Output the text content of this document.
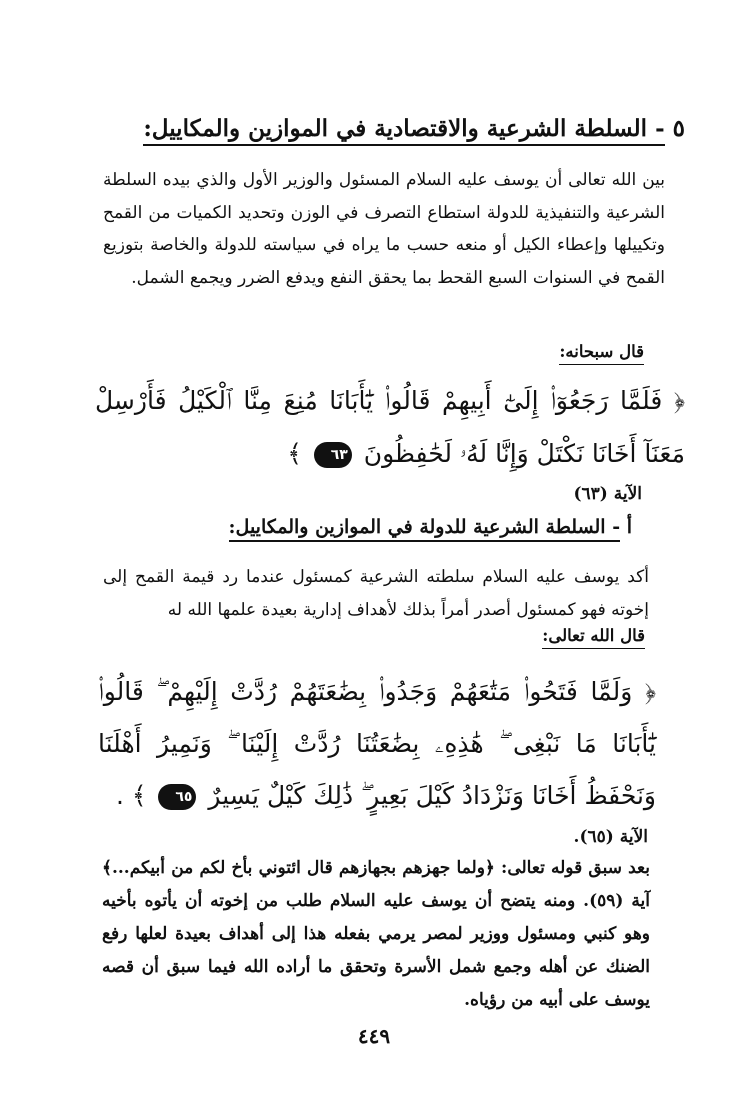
٥ - السلطة الشرعية والاقتصادية في الموازين والمكاييل:
بين الله تعالى أن يوسف عليه السلام المسئول والوزير الأول والذي بيده السلطة الشرعية والتنفيذية للدولة استطاع التصرف في الوزن وتحديد الكميات من القمح وتكييلها وإعطاء الكيل أو منعه حسب ما يراه في سياسته للدولة والخاصة بتوزيع القمح في السنوات السبع القحط بما يحقق النفع ويدفع الضرر ويجمع الشمل.
قال سبحانه:
﴿ فَلَمَّا رَجَعُوٓا۟ إِلَىٰٓ أَبِيهِمْ قَالُوا۟ يَٰٓأَبَانَا مُنِعَ مِنَّا ٱلْكَيْلُ فَأَرْسِلْ مَعَنَآ أَخَانَا نَكْتَلْ وَإِنَّا لَهُۥ لَحَٰفِظُونَ ٦٣ ﴾
الآية (٦٣)
أ - السلطة الشرعية للدولة في الموازين والمكاييل:
أكد يوسف عليه السلام سلطته الشرعية كمسئول عندما رد قيمة القمح إلى إخوته فهو كمسئول أصدر أمراً بذلك لأهداف إدارية بعيدة علمها الله له
قال الله تعالى:
﴿ وَلَمَّا فَتَحُوا۟ مَتَٰعَهُمْ وَجَدُوا۟ بِضَٰعَتَهُمْ رُدَّتْ إِلَيْهِمْ ۖ قَالُوا۟ يَٰٓأَبَانَا مَا نَبْغِى ۖ هَٰذِهِۦ بِضَٰعَتُنَا رُدَّتْ إِلَيْنَا ۖ وَنَمِيرُ أَهْلَنَا وَنَحْفَظُ أَخَانَا وَنَزْدَادُ كَيْلَ بَعِيرٍ ۖ ذَٰلِكَ كَيْلٌ يَسِيرٌ ٦٥ ﴾ .
الآية (٦٥).
بعد سبق قوله تعالى: ﴿ولما جهزهم بجهازهم قال ائتوني بأخ لكم من أبيكم...﴾ آية (٥٩). ومنه يتضح أن يوسف عليه السلام طلب من إخوته أن يأتوه بأخيه وهو كنبي ومسئول ووزير لمصر يرمي بفعله هذا إلى أهداف بعيدة لعلها رفع الضنك عن أهله وجمع شمل الأسرة وتحقق ما أراده الله فيما سبق أن قصه يوسف على أبيه من رؤياه.
٤٤٩
